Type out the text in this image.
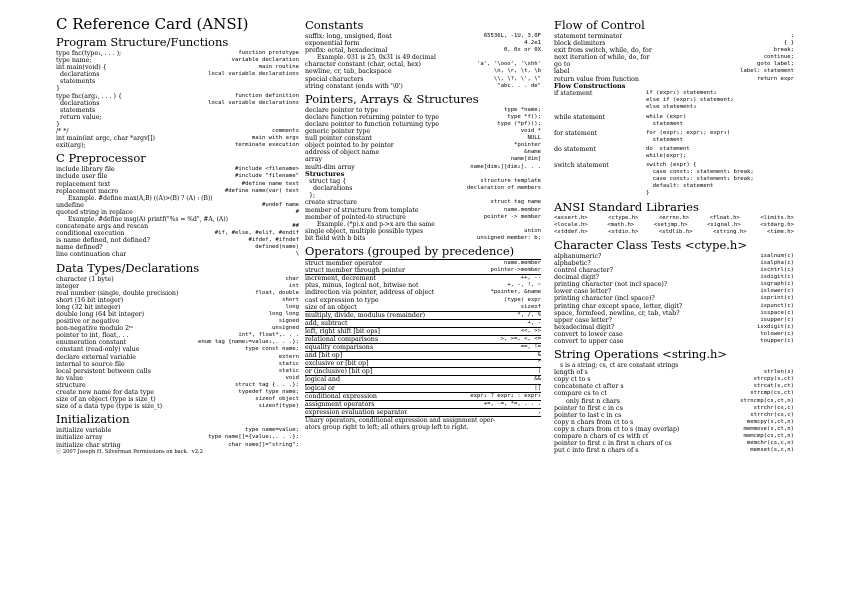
C Reference Card (ANSI)
Program Structure/Functions
type fnc(type₁, . . . );	function prototype
type name;	variable declaration
int main(void) {	main routine
declarations	local variable declarations
statements
}
type fnc(arg₁, . . . ) {	function definition
declarations	local variable declarations
statements
return value;
}
/* */	comments
int main(int argc, char *argv[])	main with args
exit(arg);	terminate execution
C Preprocessor
include library file	#include <filename>
include user file	#include "filename"
replacement text	#define name text
replacement macro	#define name(var) text
Example. #define max(A,B) ((A)>(B) ? (A) : (B))
undefine	#undef name
quoted string in replace	#
Example. #define msg(A) printf("%s = %d", #A, (A))
concatenate args and rescan	##
conditional execution	#if, #else, #elif, #endif
is name defined, not defined?	#ifdef, #ifndef
name defined?	defined(name)
line continuation char	\
Data Types/Declarations
character (1 byte)	char
integer	int
real number (single, double precision)	float, double
short (16 bit integer)	short
long (32 bit integer)	long
double long (64 bit integer)	long long
positive or negative	signed
non-negative modulo 2ᵐ	unsigned
pointer to int, float,. . .	int*, float*,. . .
enumeration constant	enum tag {name₁=value₁,. . .};
constant (read-only) value	type const name;
declare external variable	extern
internal to source file	static
local persistent between calls	static
no value	void
structure	struct tag {. . .};
create new name for data type	typedef type name;
size of an object (type is size_t)	sizeof object
size of a data type (type is size_t)	sizeof(type)
Initialization
initialize variable	type name=value;
initialize array	type name[]={value₁,. . .};
initialize char string	char name[]="string";
ⓒ 2007 Joseph H. Silverman Permissions on back.  v2.2
Constants
suffix: long, unsigned, float	65536L, -1U, 3.0F
exponential form	4.2e1
prefix: octal, hexadecimal	0, 0x or 0X
Example. 031 is 25, 0x31 is 49 decimal
character constant (char, octal, hex)	'a', '\ooo', '\xhh'
newline, cr, tab, backspace	\n, \r, \t, \b
special characters	\\, \?, \', \"
string constant (ends with '\0')	"abc. . . de"
Pointers, Arrays & Structures
declare pointer to type	type *name;
declare function returning pointer to type	type *f();
declare pointer to function returning type	type (*pf)();
generic pointer type	void *
null pointer constant	NULL
object pointed to by pointer	*pointer
address of object name	&name
array	name[dim]
multi-dim array	name[dim₁][dim₂]. . .
Structures
struct tag {	structure template
declarations	declaration of members
};
create structure	struct tag name
member of structure from template	name.member
member of pointed-to structure	pointer -> member
Example. (*p).x and p->x are the same
single object, multiple possible types	union
bit field with b bits	unsigned member: b;
Operators (grouped by precedence)
struct member operator	name.member
struct member through pointer	pointer->member
increment, decrement	++, --
plus, minus, logical not, bitwise not	+, -, !, ~
indirection via pointer, address of object	*pointer, &name
cast expression to type	(type) expr
size of an object	sizeof
multiply, divide, modulus (remainder)	*, /, %
add, subtract	+, -
left, right shift [bit ops]	<<, >>
relational comparisons	>, >=, <, <=
equality comparisons	==, !=
and [bit op]	&
exclusive or [bit op]	^
or (inclusive) [bit op]	|
logical and	&&
logical or	||
conditional expression	expr₁ ? expr₂ : expr₃
assignment operators	+=, -=, *=, . . .
expression evaluation separator	,
Unary operators, conditional expression and assignment oper-
ators group right to left; all others group left to right.
Flow of Control
statement terminator	;
block delimiters	{ }
exit from switch, while, do, for	break;
next iteration of while, do, for	continue;
go to	goto label;
label	label: statement
return value from function	return expr
Flow Constructions
if statement	if (expr₁) statement₁
else if (expr₂) statement₂
else statement₃
while statement	while (expr)
statement
for statement	for (expr₁; expr₂; expr₃)
statement
do statement	do  statement
while(expr);
switch statement	switch (expr) {
case const₁: statement₁ break;
case const₂: statement₂ break;
default: statement
}
ANSI Standard Libraries
<assert.h>	<ctype.h>	<errno.h>	<float.h>	<limits.h>
<locale.h>	<math.h>	<setjmp.h>	<signal.h>	<stdarg.h>
<stddef.h>	<stdio.h>	<stdlib.h>	<string.h>	<time.h>
Character Class Tests <ctype.h>
alphanumeric?	isalnum(c)
alphabetic?	isalpha(c)
control character?	iscntrl(c)
decimal digit?	isdigit(c)
printing character (not incl space)?	isgraph(c)
lower case letter?	islower(c)
printing character (incl space)?	isprint(c)
printing char except space, letter, digit?	ispunct(c)
space, formfeed, newline, cr, tab, vtab?	isspace(c)
upper case letter?	isupper(c)
hexadecimal digit?	isxdigit(c)
convert to lower case	tolower(c)
convert to upper case	toupper(c)
String Operations <string.h>
s is a string; cs, ct are constant strings
length of s	strlen(s)
copy ct to s	strcpy(s,ct)
concatenate ct after s	strcat(s,ct)
compare cs to ct	strcmp(cs,ct)
only first n chars	strncmp(cs,ct,n)
pointer to first c in cs	strchr(cs,c)
pointer to last c in cs	strrchr(cs,c)
copy n chars from ct to s	memcpy(s,ct,n)
copy n chars from ct to s (may overlap)	memmove(s,ct,n)
compare n chars of cs with ct	memcmp(cs,ct,n)
pointer to first c in first n chars of cs	memchr(cs,c,n)
put c into first n chars of s	memset(s,c,n)
